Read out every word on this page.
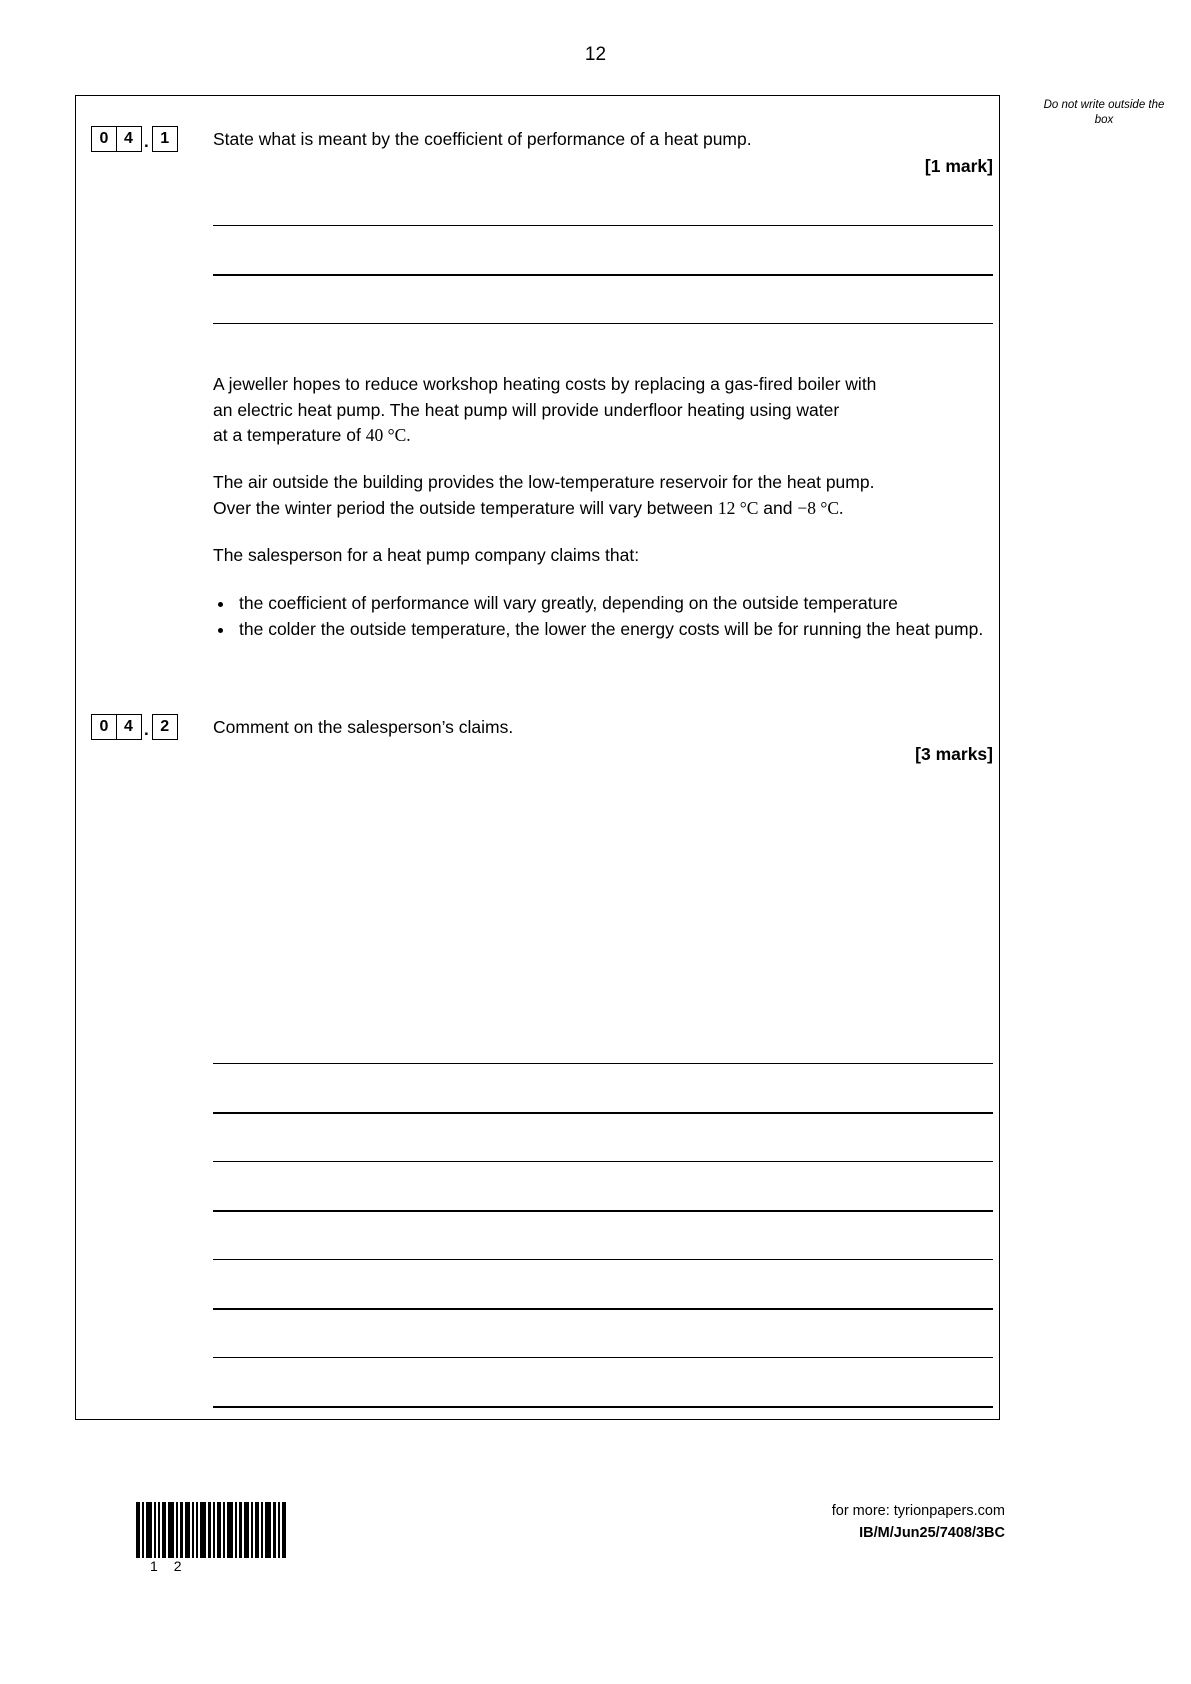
12
Do not write outside the box
0 4 . 1	State what is meant by the coefficient of performance of a heat pump.
[1 mark]
A jeweller hopes to reduce workshop heating costs by replacing a gas-fired boiler with
an electric heat pump. The heat pump will provide underfloor heating using water
at a temperature of 40 °C.
The air outside the building provides the low-temperature reservoir for the heat pump.
Over the winter period the outside temperature will vary between 12 °C and −8 °C.
The salesperson for a heat pump company claims that:
• the coefficient of performance will vary greatly, depending on the outside temperature
• the colder the outside temperature, the lower the energy costs will be for running the heat pump.
0 4 . 2	Comment on the salesperson’s claims.
[3 marks]
12
for more: tyrionpapers.com
IB/M/Jun25/7408/3BC
